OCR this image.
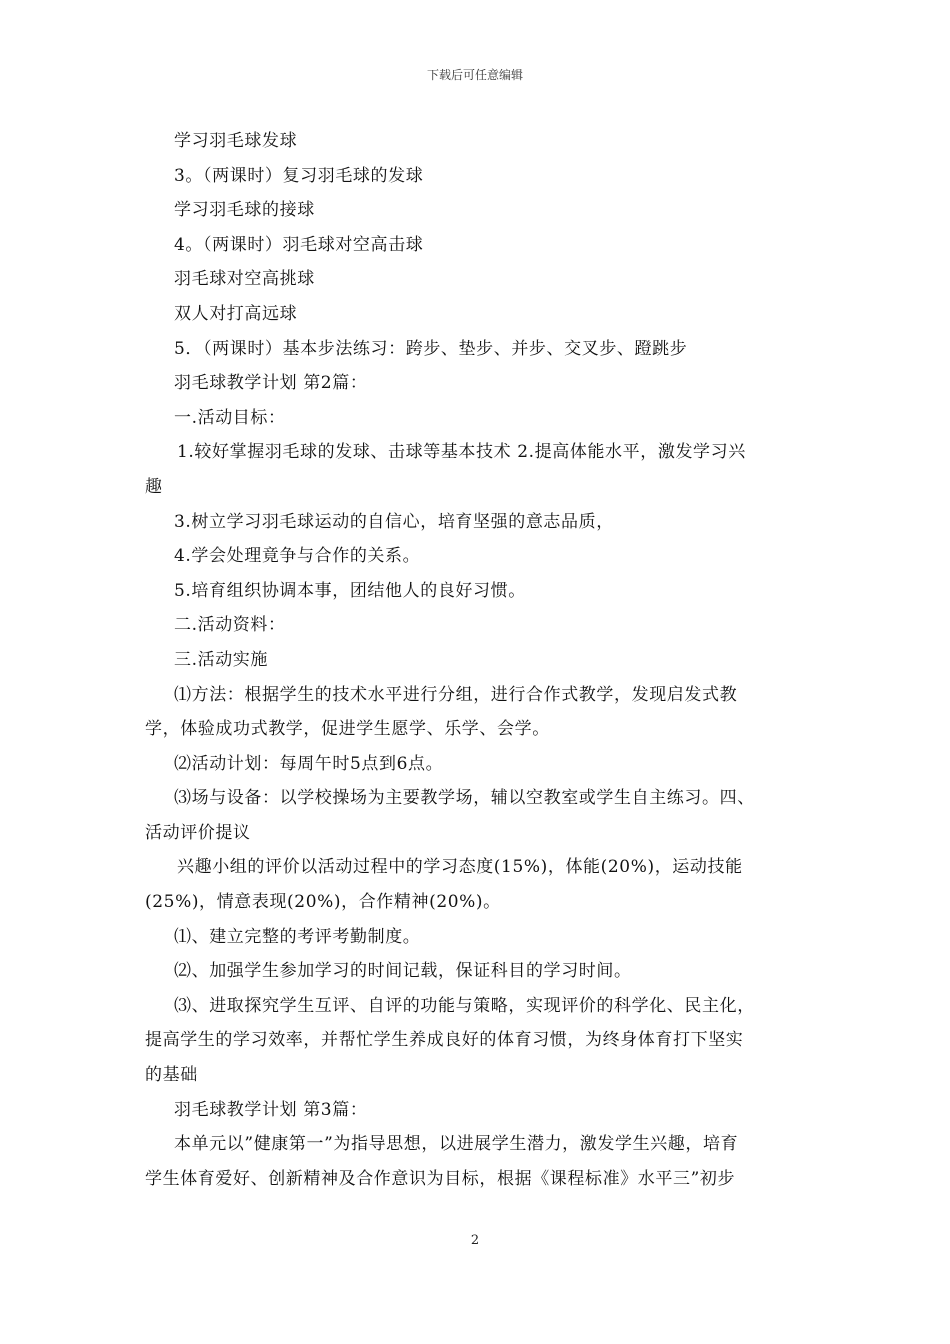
下载后可任意编辑
学习羽毛球发球
3。（两课时）复习羽毛球的发球
学习羽毛球的接球
4。（两课时）羽毛球对空高击球
羽毛球对空高挑球
双人对打高远球
5．（两课时）基本步法练习：跨步、垫步、并步、交叉步、蹬跳步
羽毛球教学计划 第2篇：
一.活动目标：
1.较好掌握羽毛球的发球、击球等基本技术 2.提高体能水平，激发学习兴
趣
3.树立学习羽毛球运动的自信心，培育坚强的意志品质，
4.学会处理竟争与合作的关系。
5.培育组织协调本事，团结他人的良好习惯。
二.活动资料：
三.活动实施
⑴方法：根据学生的技术水平进行分组，进行合作式教学，发现启发式教
学，体验成功式教学，促进学生愿学、乐学、会学。
⑵活动计划：每周午时5点到6点。
⑶场与设备：以学校操场为主要教学场，辅以空教室或学生自主练习。四、
活动评价提议
兴趣小组的评价以活动过程中的学习态度(15%)，体能(20%)，运动技能
(25%)，情意表现(20%)，合作精神(20%)。
⑴、建立完整的考评考勤制度。
⑵、加强学生参加学习的时间记载，保证科目的学习时间。
⑶、进取探究学生互评、自评的功能与策略，实现评价的科学化、民主化，
提高学生的学习效率，并帮忙学生养成良好的体育习惯，为终身体育打下坚实
的基础
羽毛球教学计划 第3篇：
本单元以”健康第一”为指导思想，以进展学生潜力，激发学生兴趣，培育
学生体育爱好、创新精神及合作意识为目标，根据《课程标准》水平三”初步
2
